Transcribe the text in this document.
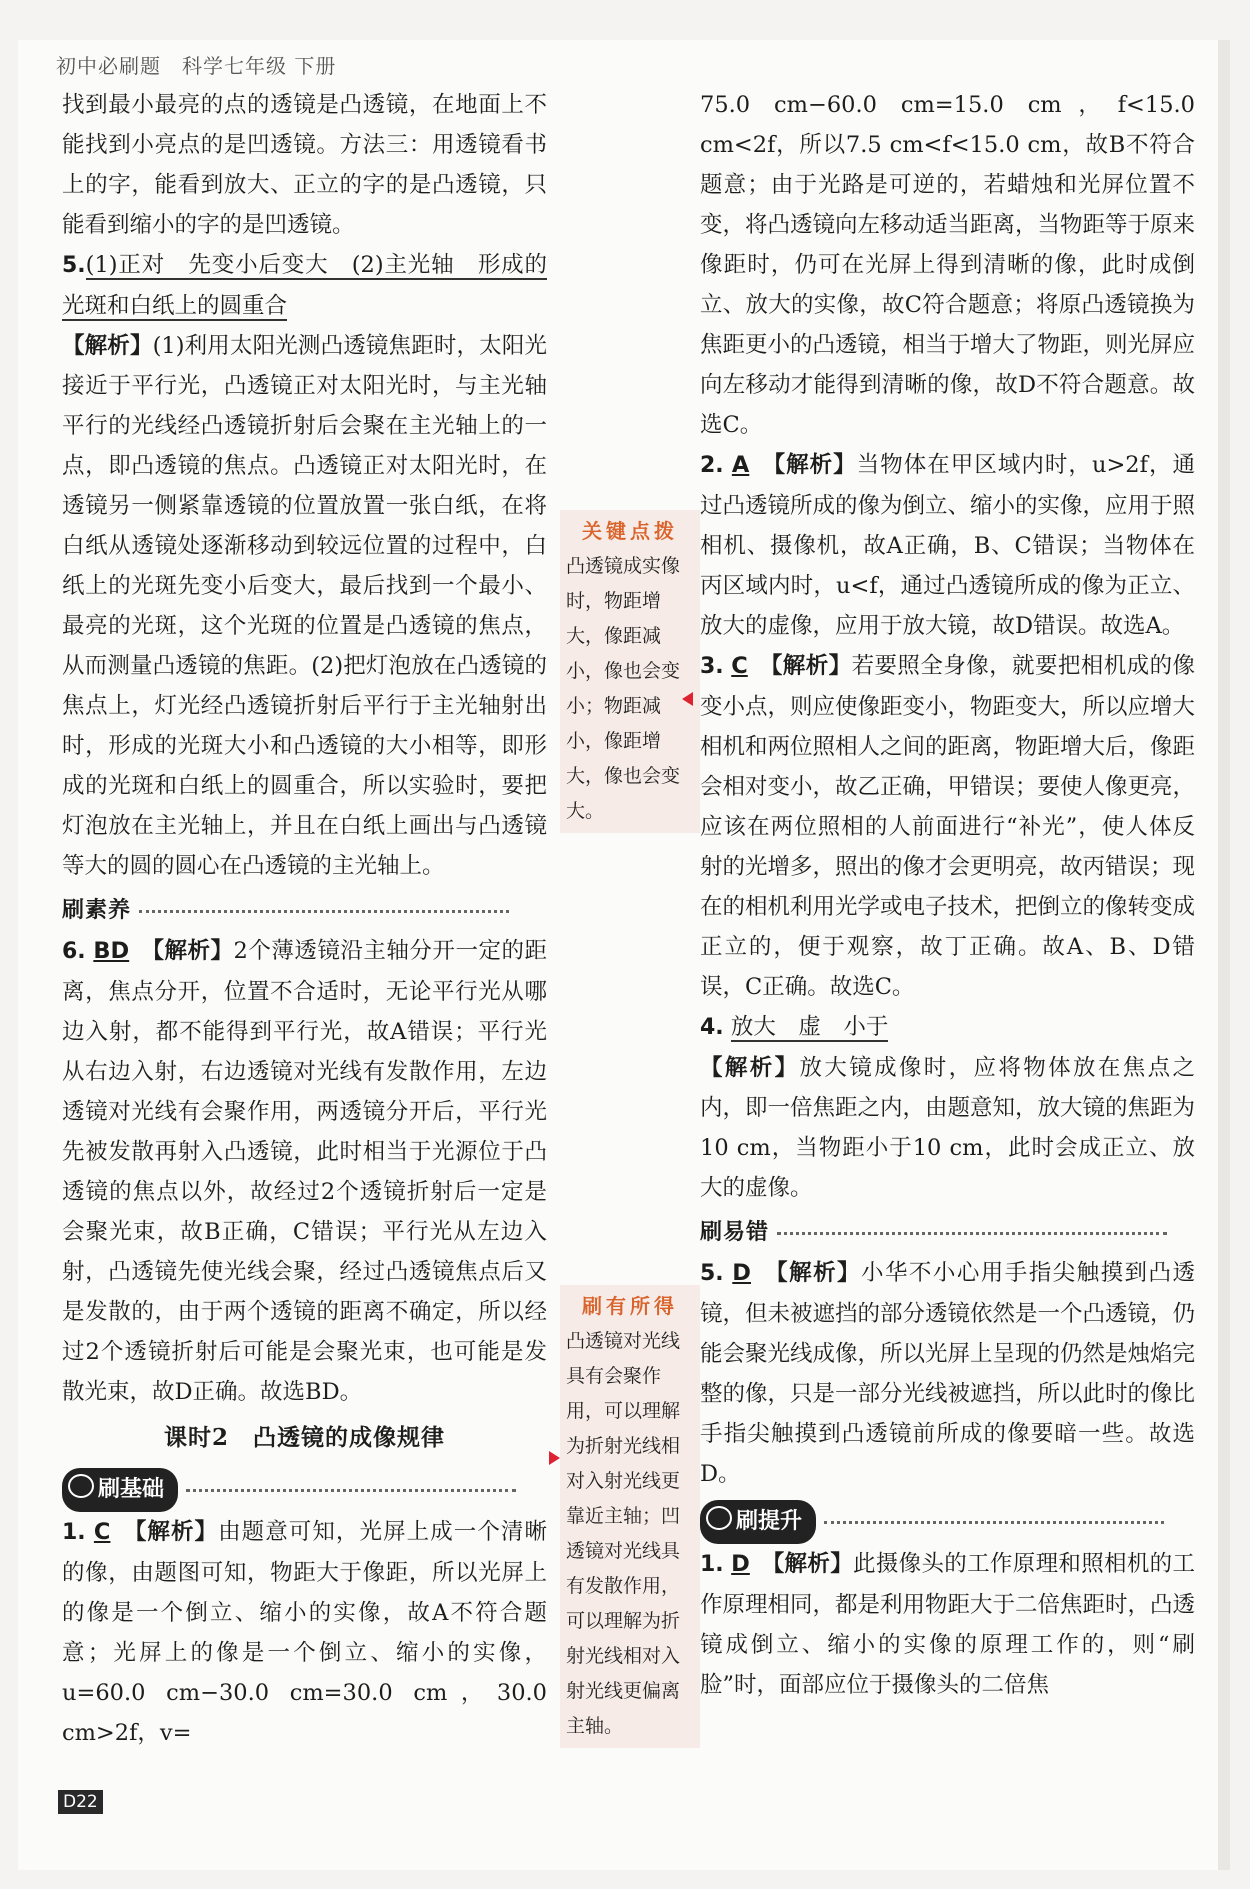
初中必刷题　科学七年级 下册

找到最小最亮的点的透镜是凸透镜，在地面上不能找到小亮点的是凹透镜。方法三：用透镜看书上的字，能看到放大、正立的字的是凸透镜，只能看到缩小的字的是凹透镜。

5.(1)正对　先变小后变大　(2)主光轴　形成的光斑和白纸上的圆重合

【解析】(1)利用太阳光测凸透镜焦距时，太阳光接近于平行光，凸透镜正对太阳光时，与主光轴平行的光线经凸透镜折射后会聚在主光轴上的一点，即凸透镜的焦点。凸透镜正对太阳光时，在透镜另一侧紧靠透镜的位置放置一张白纸，在将白纸从透镜处逐渐移动到较远位置的过程中，白纸上的光斑先变小后变大，最后找到一个最小、最亮的光斑，这个光斑的位置是凸透镜的焦点，从而测量凸透镜的焦距。(2)把灯泡放在凸透镜的焦点上，灯光经凸透镜折射后平行于主光轴射出时，形成的光斑大小和凸透镜的大小相等，即形成的光斑和白纸上的圆重合，所以实验时，要把灯泡放在主光轴上，并且在白纸上画出与凸透镜等大的圆的圆心在凸透镜的主光轴上。

刷素养

6. BD　 【解析】2个薄透镜沿主轴分开一定的距离，焦点分开，位置不合适时，无论平行光从哪边入射，都不能得到平行光，故A错误；平行光从右边入射，右边透镜对光线有发散作用，左边透镜对光线有会聚作用，两透镜分开后，平行光先被发散再射入凸透镜，此时相当于光源位于凸透镜的焦点以外，故经过2个透镜折射后一定是会聚光束，故B正确，C错误；平行光从左边入射，凸透镜先使光线会聚，经过凸透镜焦点后又是发散的，由于两个透镜的距离不确定，所以经过2个透镜折射后可能是会聚光束，也可能是发散光束，故D正确。故选BD。

课时2　凸透镜的成像规律
刷基础

1. C　 【解析】由题意可知，光屏上成一个清晰的像，由题图可知，物距大于像距，所以光屏上的像是一个倒立、缩小的实像，故A不符合题意；光屏上的像是一个倒立、缩小的实像，u=60.0 cm−30.0 cm=30.0 cm，30.0 cm>2f，v=

关键点拨
凸透镜成实像时，物距增大，像距减小，像也会变小；物距减小，像距增大，像也会变大。
刷有所得
凸透镜对光线具有会聚作用，可以理解为折射光线相对入射光线更靠近主轴；凹透镜对光线具有发散作用，可以理解为折射光线相对入射光线更偏离主轴。

75.0 cm−60.0 cm=15.0 cm，f<15.0 cm<2f，所以7.5 cm<f<15.0 cm，故B不符合题意；由于光路是可逆的，若蜡烛和光屏位置不变，将凸透镜向左移动适当距离，当物距等于原来像距时，仍可在光屏上得到清晰的像，此时成倒立、放大的实像，故C符合题意；将原凸透镜换为焦距更小的凸透镜，相当于增大了物距，则光屏应向左移动才能得到清晰的像，故D不符合题意。故选C。

2. A　 【解析】当物体在甲区域内时，u>2f，通过凸透镜所成的像为倒立、缩小的实像，应用于照相机、摄像机，故A正确，B、C错误；当物体在丙区域内时，u<f，通过凸透镜所成的像为正立、放大的虚像，应用于放大镜，故D错误。故选A。

3. C　 【解析】若要照全身像，就要把相机成的像变小点，则应使像距变小，物距变大，所以应增大相机和两位照相人之间的距离，物距增大后，像距会相对变小，故乙正确，甲错误；要使人像更亮，应该在两位照相的人前面进行“补光”，使人体反射的光增多，照出的像才会更明亮，故丙错误；现在的相机利用光学或电子技术，把倒立的像转变成正立的，便于观察，故丁正确。故A、B、D错误，C正确。故选C。

4. 放大　虚　小于

【解析】放大镜成像时，应将物体放在焦点之内，即一倍焦距之内，由题意知，放大镜的焦距为10 cm，当物距小于10 cm，此时会成正立、放大的虚像。

刷易错

5. D　 【解析】小华不小心用手指尖触摸到凸透镜，但未被遮挡的部分透镜依然是一个凸透镜，仍能会聚光线成像，所以光屏上呈现的仍然是烛焰完整的像，只是一部分光线被遮挡，所以此时的像比手指尖触摸到凸透镜前所成的像要暗一些。故选D。

刷提升

1. D　 【解析】此摄像头的工作原理和照相机的工作原理相同，都是利用物距大于二倍焦距时，凸透镜成倒立、缩小的实像的原理工作的，则“刷脸”时，面部应位于摄像头的二倍焦

D22
